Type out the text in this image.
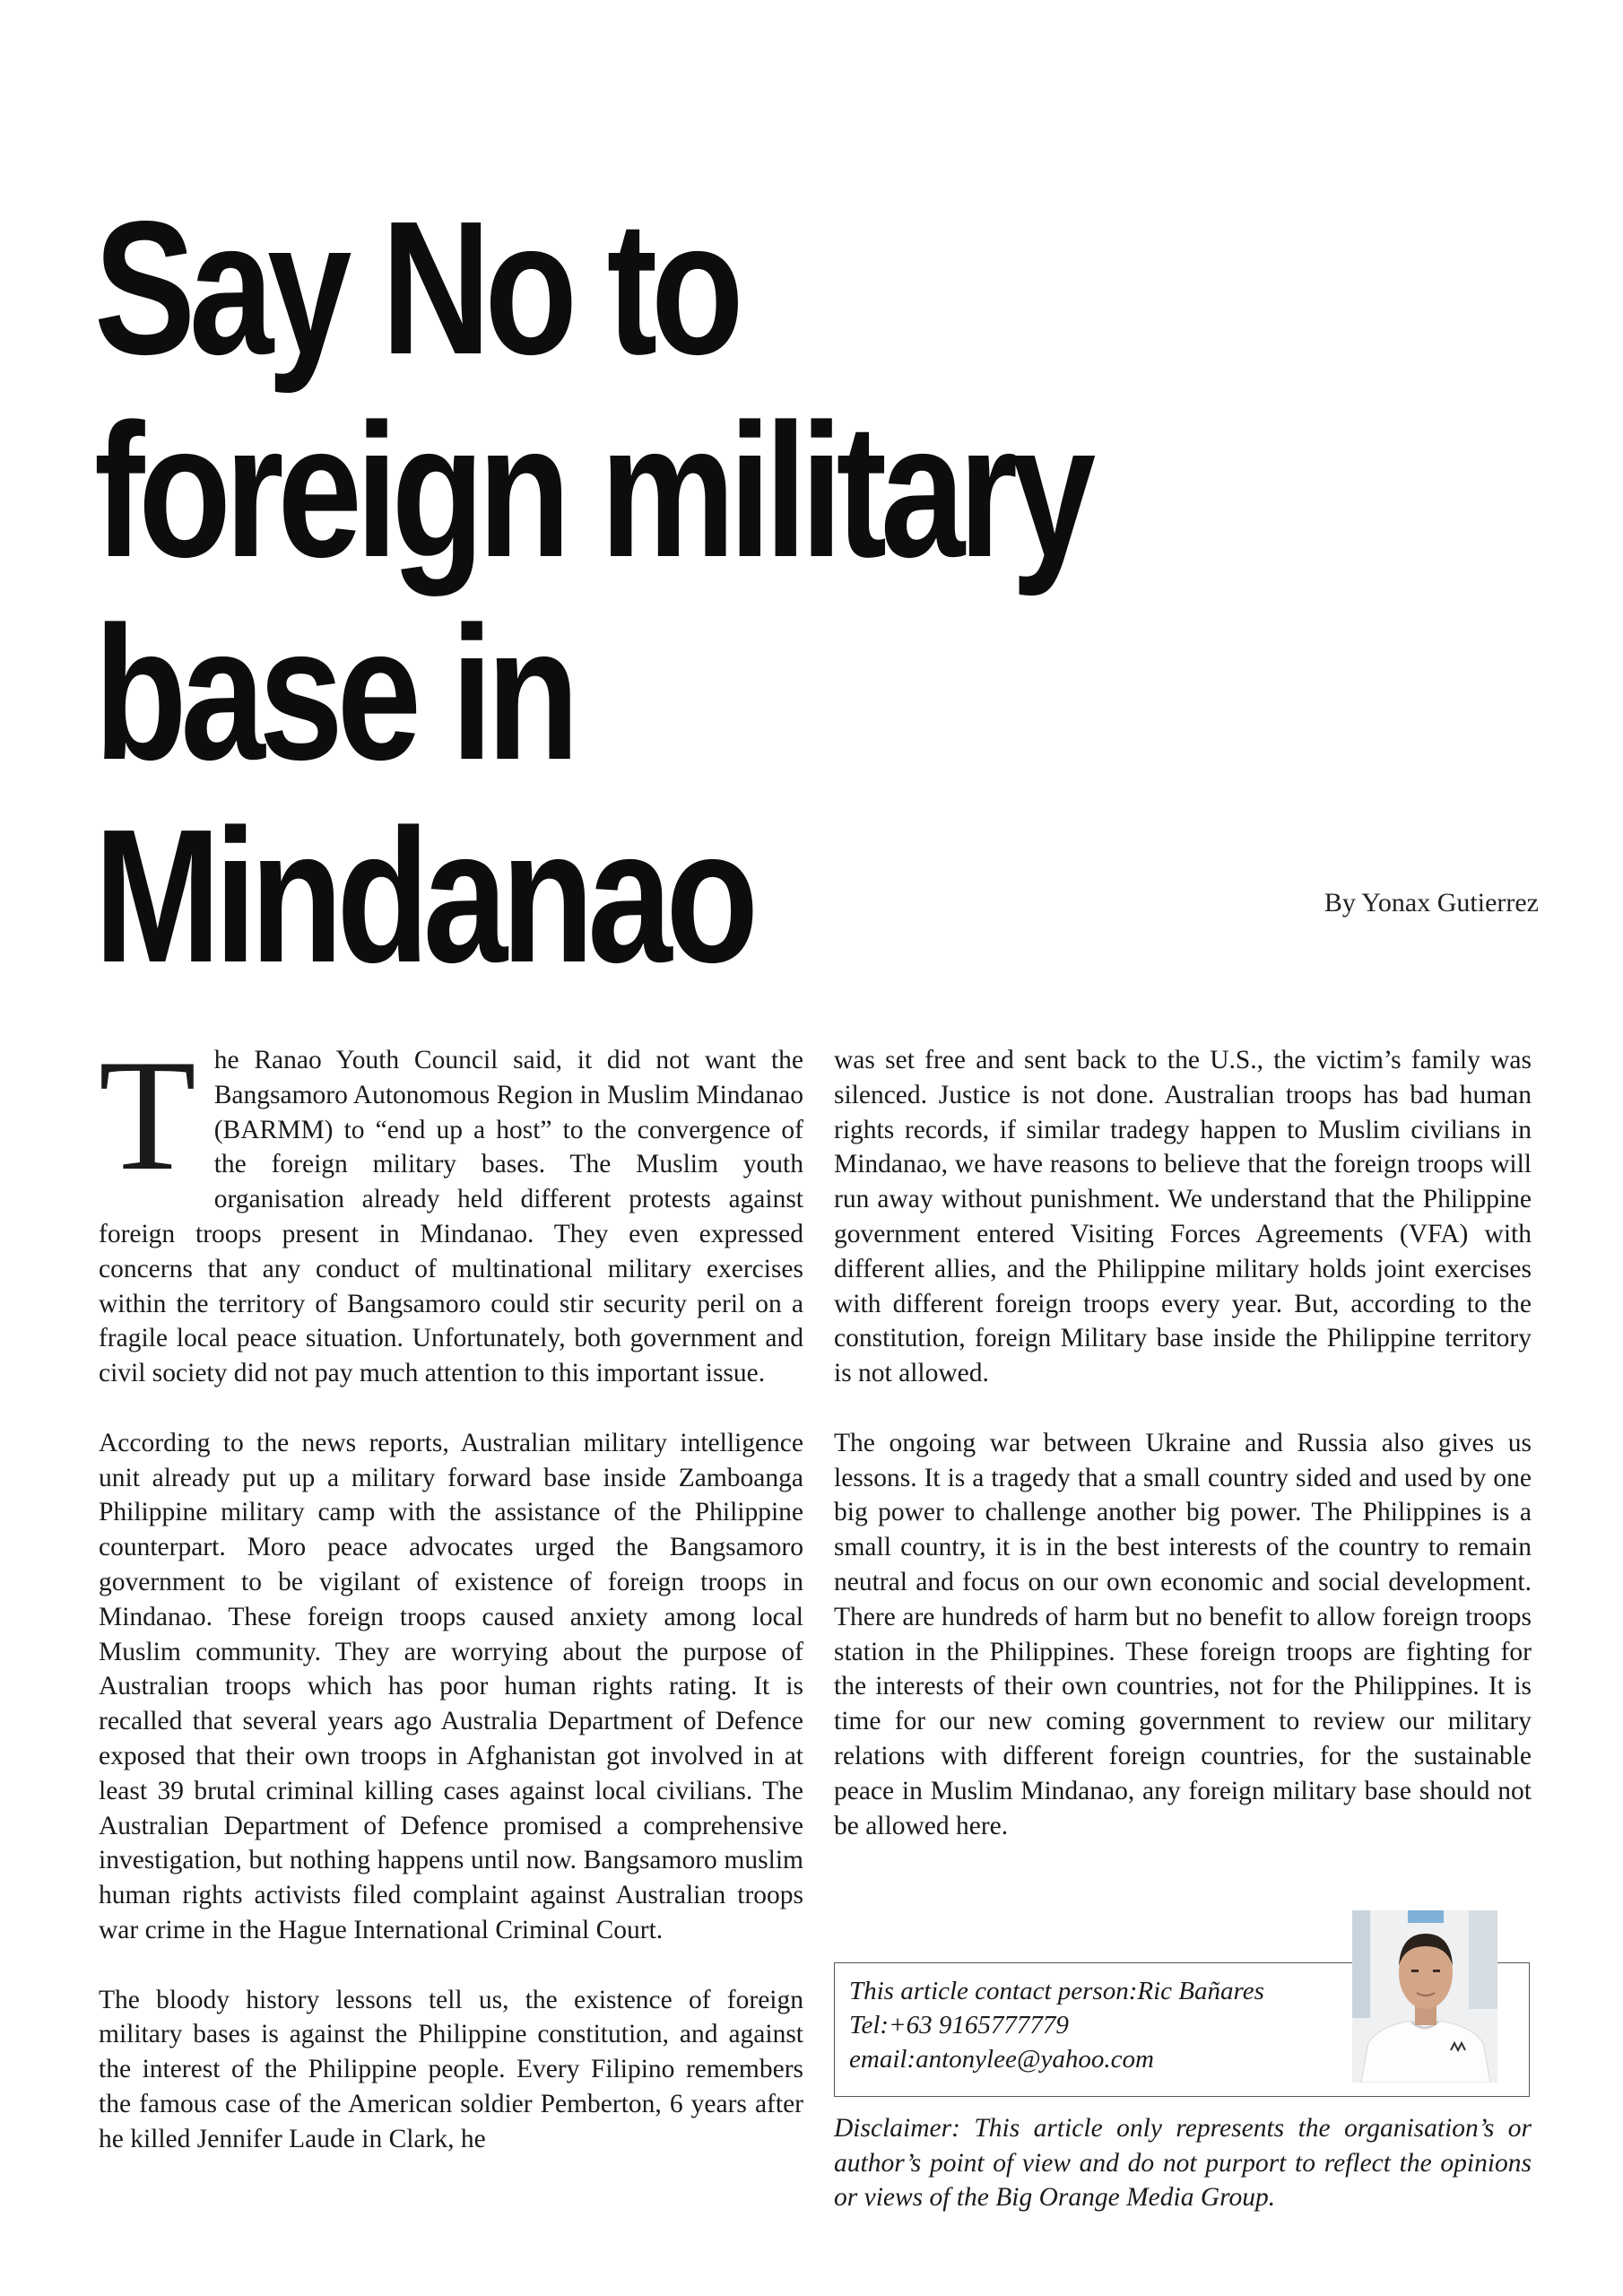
Say No to
foreign military
base in
Mindanao	By Yonax Gutierrez

The Ranao Youth Council said, it did not want the Bangsamoro Autonomous Region in Muslim Mindanao (BARMM) to “end up a host” to the convergence of the foreign military bases. The Muslim youth organisation already held different protests against foreign troops present in Mindanao. They even expressed concerns that any conduct of multinational military exercises within the territory of Bangsamoro could stir security peril on a fragile local peace situation. Unfortunately, both government and civil society did not pay much attention to this important issue.

According to the news reports, Australian military intelligence unit already put up a military forward base inside Zamboanga Philippine military camp with the assistance of the Philippine counterpart. Moro peace advocates urged the Bangsamoro government to be vigilant of existence of foreign troops in Mindanao. These foreign troops caused anxiety among local Muslim community. They are worrying about the purpose of Australian troops which has poor human rights rating. It is recalled that several years ago Australia Department of Defence exposed that their own troops in Afghanistan got involved in at least 39 brutal criminal killing cases against local civilians. The Australian Department of Defence promised a comprehensive investigation, but nothing happens until now. Bangsamoro muslim human rights activists filed complaint against Australian troops war crime in the Hague International Criminal Court.

The bloody history lessons tell us, the existence of foreign military bases is against the Philippine constitution, and against the interest of the Philippine people. Every Filipino remembers the famous case of the American soldier Pemberton, 6 years after he killed Jennifer Laude in Clark, he

was set free and sent back to the U.S., the victim’s family was silenced. Justice is not done. Australian troops has bad human rights records, if similar tradegy happen to Muslim civilians in Mindanao, we have reasons to believe that the foreign troops will run away without punishment. We understand that the Philippine government entered Visiting Forces Agreements (VFA) with different allies, and the Philippine military holds joint exercises with different foreign troops every year. But, according to the constitution, foreign Military base inside the Philippine territory is not allowed.

The ongoing war between Ukraine and Russia also gives us lessons. It is a tragedy that a small country sided and used by one big power to challenge another big power. The Philippines is a small country, it is in the best interests of the country to remain neutral and focus on our own economic and social development. There are hundreds of harm but no benefit to allow foreign troops station in the Philippines. These foreign troops are fighting for the interests of their own countries, not for the Philippines. It is time for our new coming government to review our military relations with different foreign countries, for the sustainable peace in Muslim Mindanao, any foreign military base should not be allowed here.

This article contact person:Ric Bañares
Tel:+63 9165777779
email:antonylee@yahoo.com
Disclaimer: This article only represents the organisation’s or author’s point of view and do not purport to reflect the opinions or views of the Big Orange Media Group.
